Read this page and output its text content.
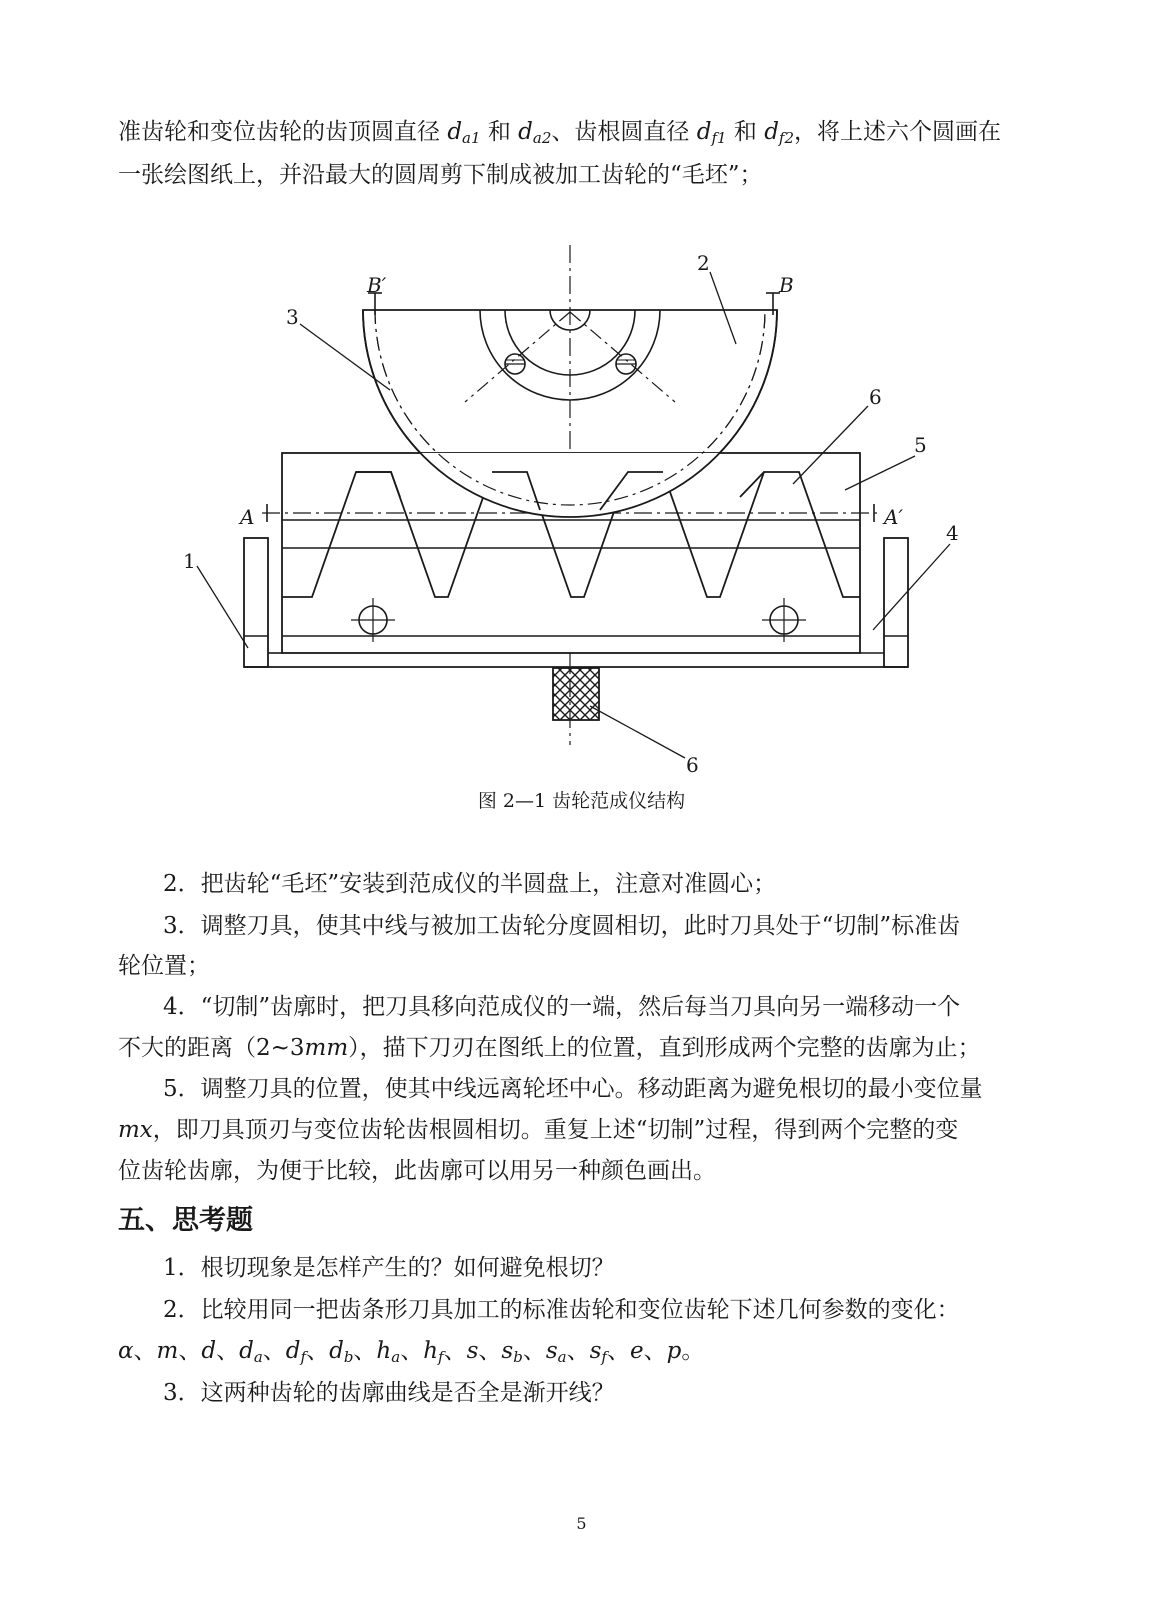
准齿轮和变位齿轮的齿顶圆直径 $d_{a1}$ 和 $d_{a2}$、齿根圆直径 $d_{f1}$ 和 $d_{f2}$，将上述六个圆画在

一张绘图纸上，并沿最大的圆周剪下制成被加工齿轮的“毛坯”；

B′	B
A	A′
1
2
3
4
5
6
6

图 2—1 齿轮范成仪结构

2．把齿轮“毛坯”安装到范成仪的半圆盘上，注意对准圆心；

3．调整刀具，使其中线与被加工齿轮分度圆相切，此时刀具处于“切制”标准齿

轮位置；

4．“切制”齿廓时，把刀具移向范成仪的一端，然后每当刀具向另一端移动一个

不大的距离（2~3mm），描下刀刃在图纸上的位置，直到形成两个完整的齿廓为止；

5．调整刀具的位置，使其中线远离轮坯中心。移动距离为避免根切的最小变位量

mx，即刀具顶刃与变位齿轮齿根圆相切。重复上述“切制”过程，得到两个完整的变

位齿轮齿廓，为便于比较，此齿廓可以用另一种颜色画出。

五、思考题

1．根切现象是怎样产生的？如何避免根切？

2．比较用同一把齿条形刀具加工的标准齿轮和变位齿轮下述几何参数的变化：

α、m、d、$d_a$、$d_f$、$d_b$、$h_a$、$h_f$、s、$s_b$、$s_a$、$s_f$、e、p。

3．这两种齿轮的齿廓曲线是否全是渐开线？

5
